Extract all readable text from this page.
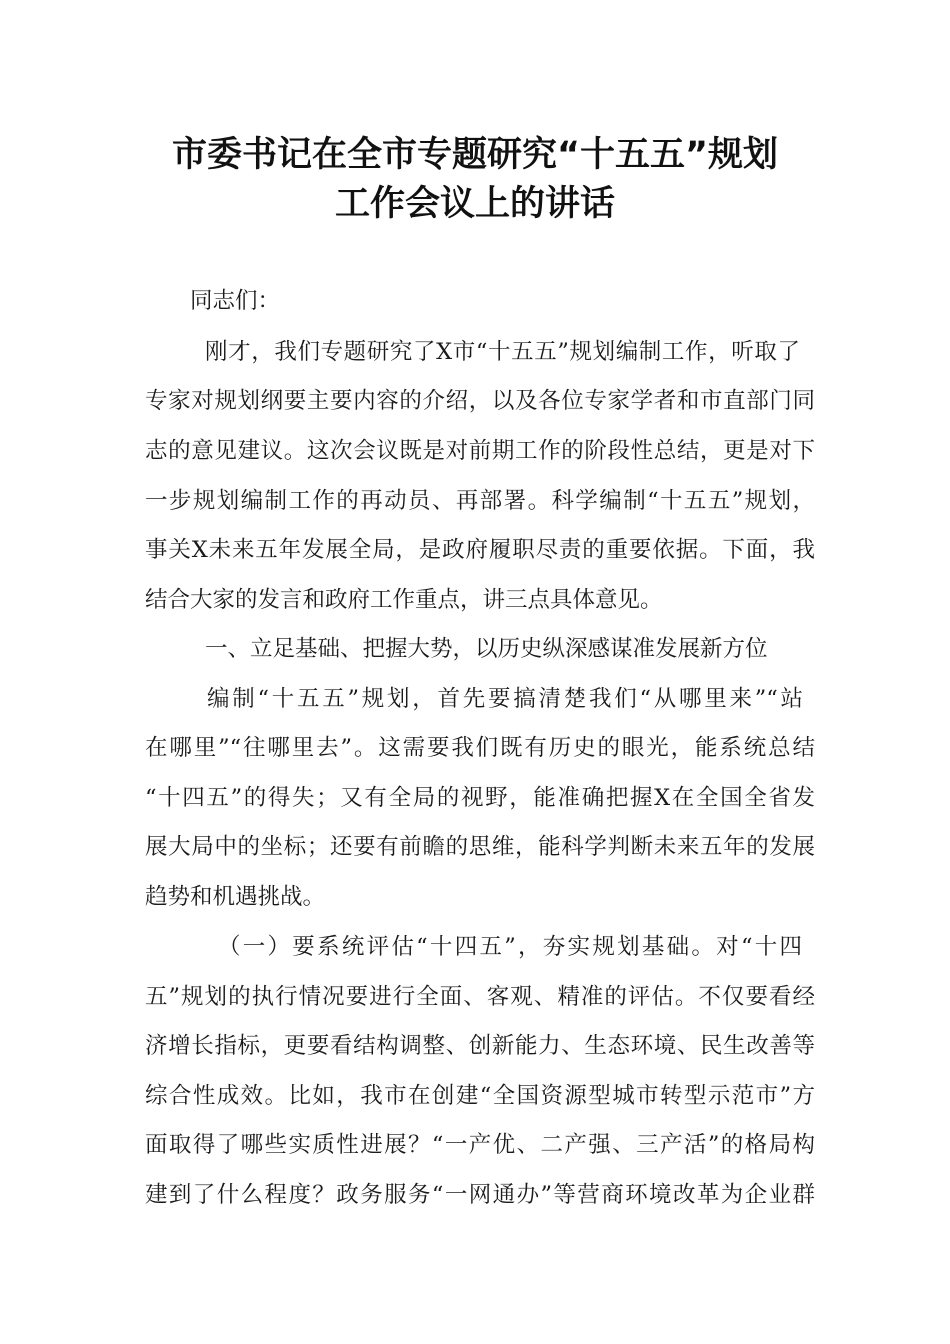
市委书记在全市专题研究“十五五”规划
工作会议上的讲话
同志们：
刚才，我们专题研究了X市“十五五”规划编制工作，听取了
专家对规划纲要主要内容的介绍，以及各位专家学者和市直部门同
志的意见建议。这次会议既是对前期工作的阶段性总结，更是对下
一步规划编制工作的再动员、再部署。科学编制“十五五”规划，
事关X未来五年发展全局，是政府履职尽责的重要依据。下面，我
结合大家的发言和政府工作重点，讲三点具体意见。
一、立足基础、把握大势，以历史纵深感谋准发展新方位
编制“十五五”规划，首先要搞清楚我们“从哪里来”“站
在哪里”“往哪里去”。这需要我们既有历史的眼光，能系统总结
“十四五”的得失；又有全局的视野，能准确把握X在全国全省发
展大局中的坐标；还要有前瞻的思维，能科学判断未来五年的发展
趋势和机遇挑战。
（一）要系统评估“十四五”，夯实规划基础。对“十四
五”规划的执行情况要进行全面、客观、精准的评估。不仅要看经
济增长指标，更要看结构调整、创新能力、生态环境、民生改善等
综合性成效。比如，我市在创建“全国资源型城市转型示范市”方
面取得了哪些实质性进展？“一产优、二产强、三产活”的格局构
建到了什么程度？政务服务“一网通办”等营商环境改革为企业群
